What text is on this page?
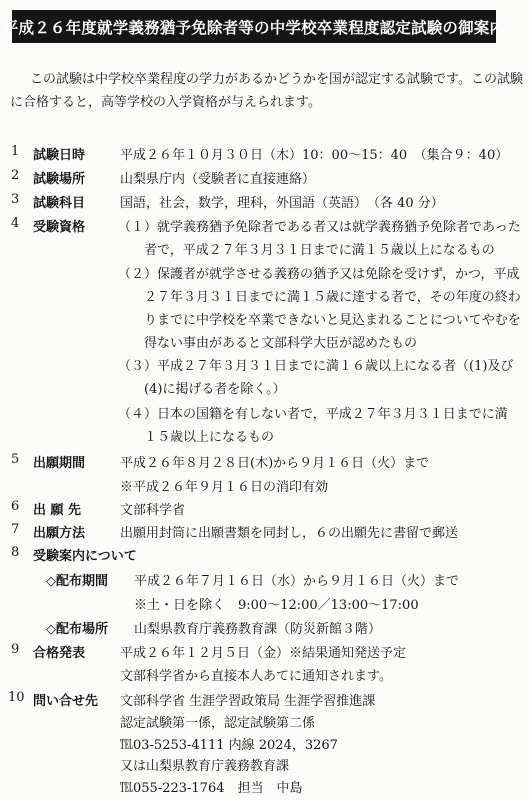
平成２６年度就学義務猶予免除者等の中学校卒業程度認定試験の御案内
この試験は中学校卒業程度の学力があるかどうかを国が認定する試験です。この試験
に合格すると，高等学校の入学資格が与えられます。
1 試験日時	平成２６年１０月３０日（木）10：00～15：40　（集合９：40）
2 試験場所	山梨県庁内（受験者に直接連絡）
3 試験科目	国語，社会，数学，理科，外国語（英語）　（各 40 分）
4 受験資格	（１）就学義務猶予免除者である者又は就学義務猶予免除者であった
者で，平成２７年３月３１日までに満１５歳以上になるもの
（２）保護者が就学させる義務の猶予又は免除を受けず，かつ，平成
２７年３月３１日までに満１５歳に達する者で，その年度の終わ
りまでに中学校を卒業できないと見込まれることについてやむを
得ない事由があると文部科学大臣が認めたもの
（３）平成２７年３月３１日までに満１６歳以上になる者（(1)及び
(4)に掲げる者を除く。）
（４）日本の国籍を有しない者で，平成２７年３月３１日までに満
１５歳以上になるもの
5 出願期間	平成２６年８月２８日(木)から９月１６日（火）まで
※平成２６年９月１６日の消印有効
6 出 願 先	文部科学省
7 出願方法	出願用封筒に出願書類を同封し，６の出願先に書留で郵送
8 受験案内について
◇配布期間 平成２６年７月１６日（水）から９月１６日（火）まで
※土・日を除く　9:00～12:00／13:00～17:00
◇配布場所 山梨県教育庁義務教育課（防災新館３階）
9 合格発表	平成２６年１２月５日（金）※結果通知発送予定
文部科学省から直接本人あてに通知されます。
10 問い合せ先 文部科学省 生涯学習政策局 生涯学習推進課
認定試験第一係，認定試験第二係
℡03-5253-4111 内線 2024，3267
又は山梨県教育庁義務教育課
℡055-223-1764　担当　中島
